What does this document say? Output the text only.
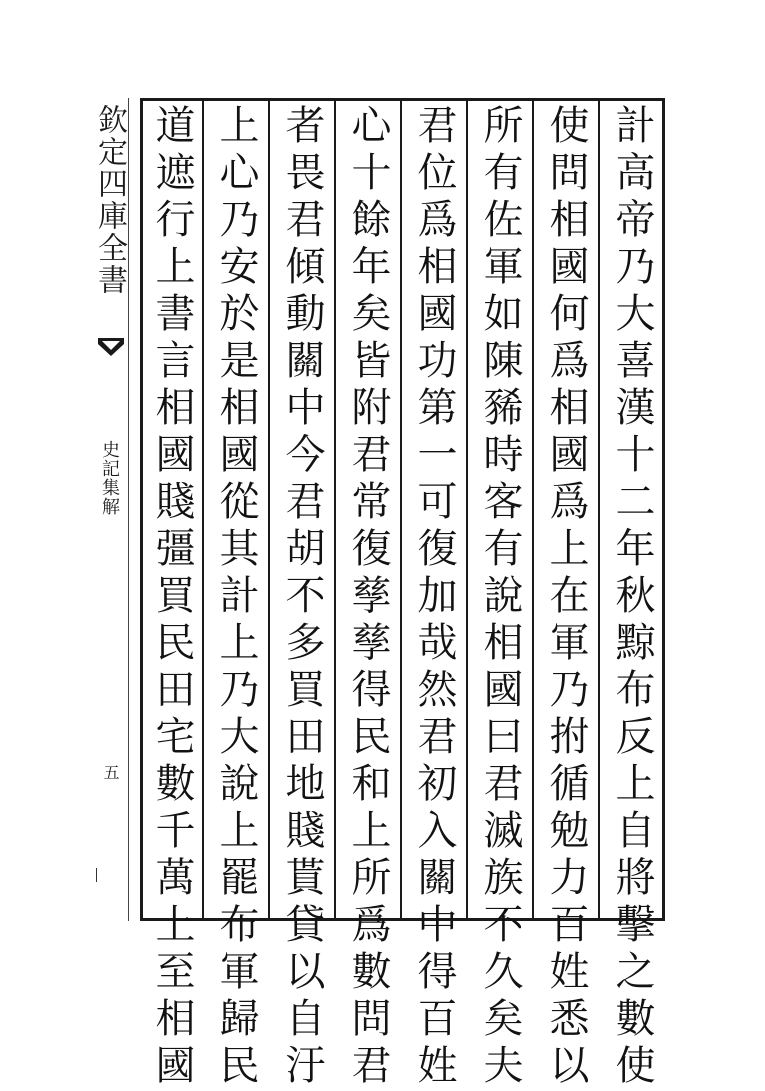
欽定四庫全書
史記集解
五	計高帝乃大喜漢十二年秋黥布反上自將擊之數使
使問相國何爲相國爲上在軍乃拊循勉力百姓悉以
所有佐軍如陳豨時客有說相國曰君滅族不久矣夫
君位爲相國功第一可復加哉然君初入關中得百姓
心十餘年矣皆附君常復孳孳得民和上所爲數問君
者畏君傾動關中今君胡不多買田地賤貰貸以自汙
上心乃安於是相國從其計上乃大說上罷布軍歸民
道遮行上書言相國賤彊買民田宅數千萬上至相國
